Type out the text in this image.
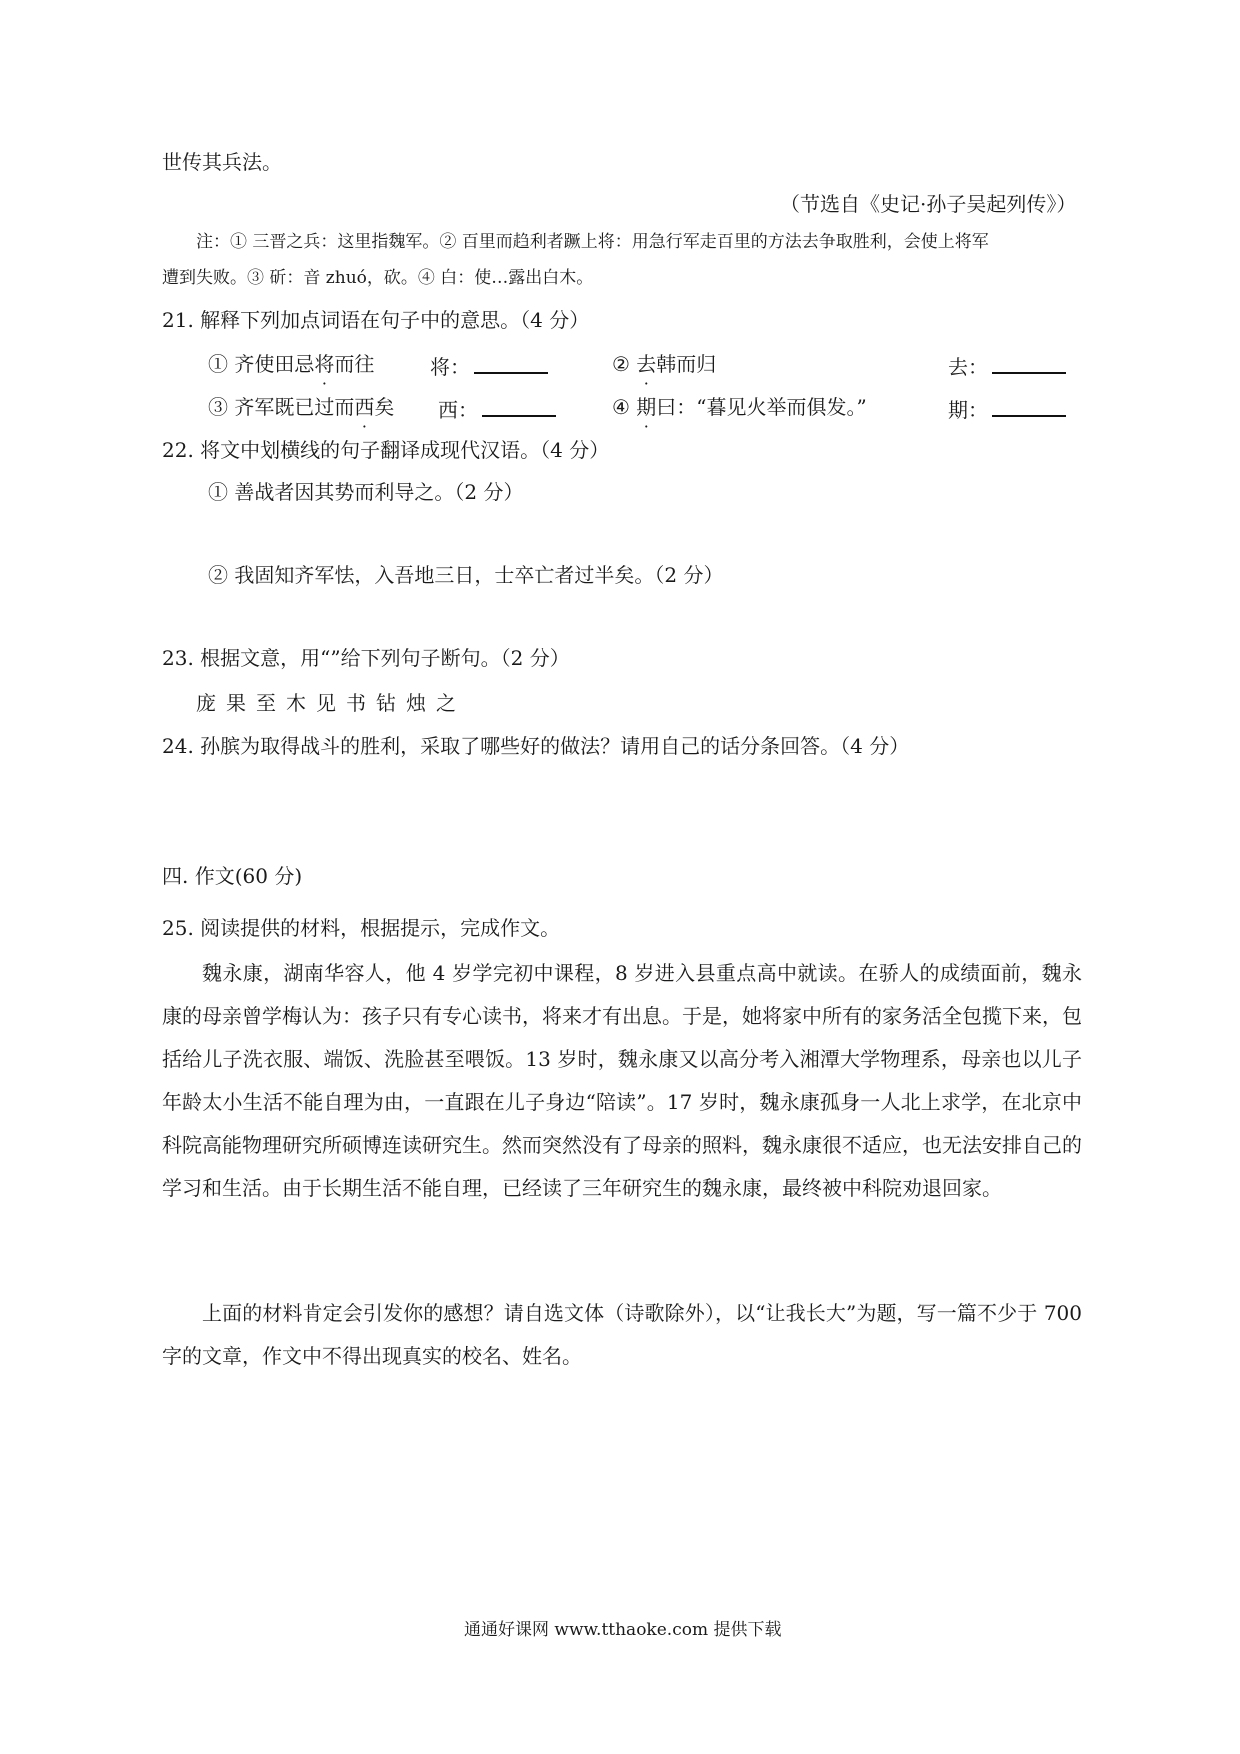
世传其兵法。
（节选自《史记·孙子吴起列传》）
注：① 三晋之兵：这里指魏军。② 百里而趋利者蹶上将：用急行军走百里的方法去争取胜利，会使上将军
遭到失败。③ 斫：音 zhuó，砍。④ 白：使…露出白木。
21. 解释下列加点词语在句子中的意思。（4 分）
① 齐使田忌将而往	将：	② 去韩而归	去：
③ 齐军既已过而西矣 西：	④ 期曰：“暮见火举而俱发。”	期：
22. 将文中划横线的句子翻译成现代汉语。（4 分）
① 善战者因其势而利导之。（2 分）
② 我固知齐军怯，入吾地三日，士卒亡者过半矣。（2 分）
23. 根据文意，用“”给下列句子断句。（2 分）
庞果至木见书钻烛之
24. 孙膑为取得战斗的胜利，采取了哪些好的做法？请用自己的话分条回答。（4 分）
四. 作文(60 分)
25. 阅读提供的材料，根据提示，完成作文。
魏永康，湖南华容人，他 4 岁学完初中课程，8 岁进入县重点高中就读。在骄人的成绩面前，魏永康的母亲曾学梅认为：孩子只有专心读书，将来才有出息。于是，她将家中所有的家务活全包揽下来，包括给儿子洗衣服、端饭、洗脸甚至喂饭。13 岁时，魏永康又以高分考入湘潭大学物理系，母亲也以儿子年龄太小生活不能自理为由，一直跟在儿子身边“陪读”。17 岁时，魏永康孤身一人北上求学，在北京中科院高能物理研究所硕博连读研究生。然而突然没有了母亲的照料，魏永康很不适应，也无法安排自己的学习和生活。由于长期生活不能自理，已经读了三年研究生的魏永康，最终被中科院劝退回家。
上面的材料肯定会引发你的感想？请自选文体（诗歌除外），以“让我长大”为题，写一篇不少于 700 字的文章，作文中不得出现真实的校名、姓名。
通通好课网 www.tthaoke.com 提供下载
